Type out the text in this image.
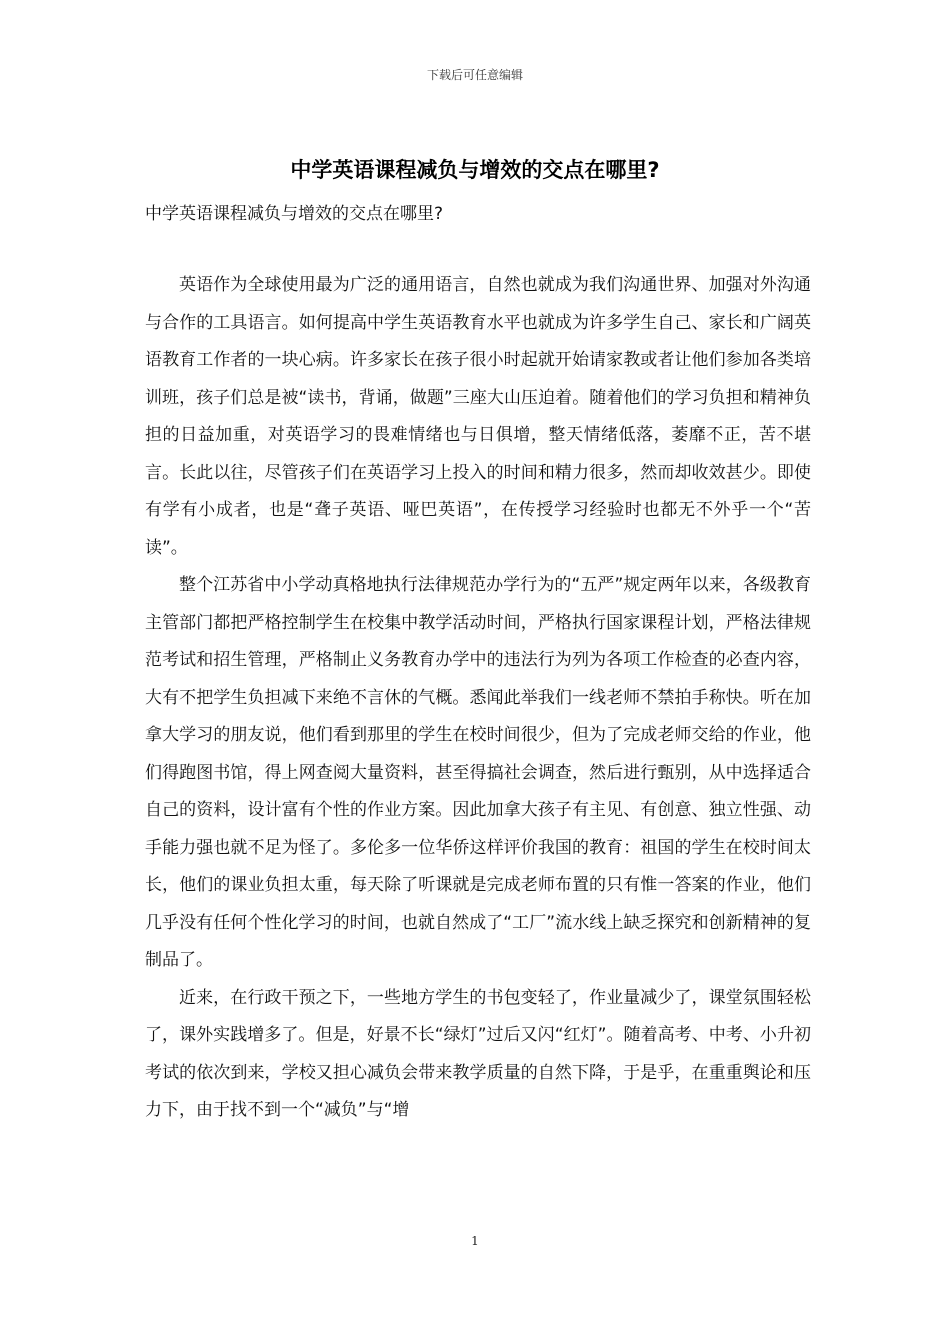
下载后可任意编辑
中学英语课程减负与增效的交点在哪里?
中学英语课程减负与增效的交点在哪里?

英语作为全球使用最为广泛的通用语言，自然也就成为我们沟通世界、加强对外沟通与合作的工具语言。如何提高中学生英语教育水平也就成为许多学生自己、家长和广阔英语教育工作者的一块心病。许多家长在孩子很小时起就开始请家教或者让他们参加各类培训班，孩子们总是被“读书，背诵，做题”三座大山压迫着。随着他们的学习负担和精神负担的日益加重，对英语学习的畏难情绪也与日俱增，整天情绪低落，萎靡不正，苦不堪言。长此以往，尽管孩子们在英语学习上投入的时间和精力很多，然而却收效甚少。即使有学有小成者，也是“聋子英语、哑巴英语”，在传授学习经验时也都无不外乎一个“苦读”。

整个江苏省中小学动真格地执行法律规范办学行为的“五严”规定两年以来，各级教育主管部门都把严格控制学生在校集中教学活动时间，严格执行国家课程计划，严格法律规范考试和招生管理，严格制止义务教育办学中的违法行为列为各项工作检查的必查内容，大有不把学生负担减下来绝不言休的气概。悉闻此举我们一线老师不禁拍手称快。听在加拿大学习的朋友说，他们看到那里的学生在校时间很少，但为了完成老师交给的作业，他们得跑图书馆，得上网查阅大量资料，甚至得搞社会调查，然后进行甄别，从中选择适合自己的资料，设计富有个性的作业方案。因此加拿大孩子有主见、有创意、独立性强、动手能力强也就不足为怪了。多伦多一位华侨这样评价我国的教育：祖国的学生在校时间太长，他们的课业负担太重，每天除了听课就是完成老师布置的只有惟一答案的作业，他们几乎没有任何个性化学习的时间，也就自然成了“工厂”流水线上缺乏探究和创新精神的复制品了。

近来，在行政干预之下，一些地方学生的书包变轻了，作业量减少了，课堂氛围轻松了，课外实践增多了。但是，好景不长“绿灯”过后又闪“红灯”。随着高考、中考、小升初考试的依次到来，学校又担心减负会带来教学质量的自然下降，于是乎，在重重舆论和压力下，由于找不到一个“减负”与“增

1
